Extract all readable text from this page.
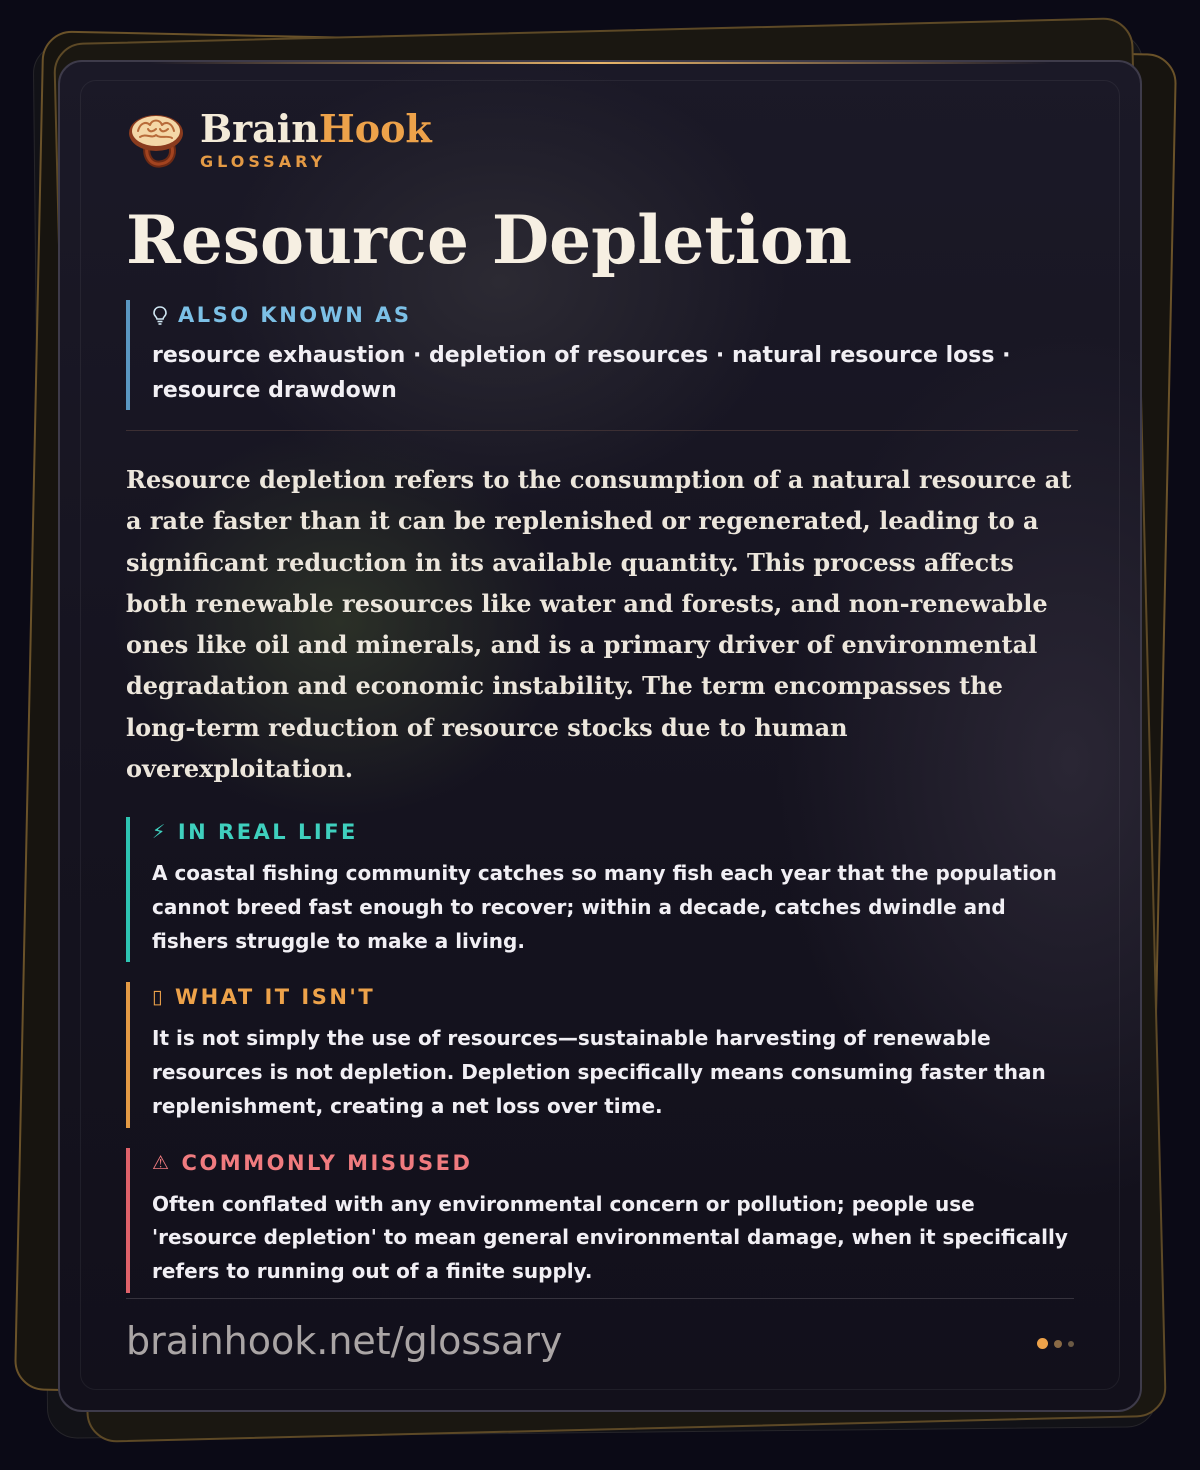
BrainHook
GLOSSARY
Resource Depletion
ALSO KNOWN AS
resource exhaustion · depletion of resources · natural resource loss · resource drawdown

Resource depletion refers to the consumption of a natural resource at a rate faster than it can be replenished or regenerated, leading to a significant reduction in its available quantity. This process affects both renewable resources like water and forests, and non-renewable ones like oil and minerals, and is a primary driver of environmental degradation and economic instability. The term encompasses the long-term reduction of resource stocks due to human overexploitation.

⚡ IN REAL LIFE
A coastal fishing community catches so many fish each year that the population cannot breed fast enough to recover; within a decade, catches dwindle and fishers struggle to make a living.
▯ WHAT IT ISN'T
It is not simply the use of resources—sustainable harvesting of renewable resources is not depletion. Depletion specifically means consuming faster than replenishment, creating a net loss over time.
⚠ COMMONLY MISUSED
Often conflated with any environmental concern or pollution; people use 'resource depletion' to mean general environmental damage, when it specifically refers to running out of a finite supply.
brainhook.net/glossary
